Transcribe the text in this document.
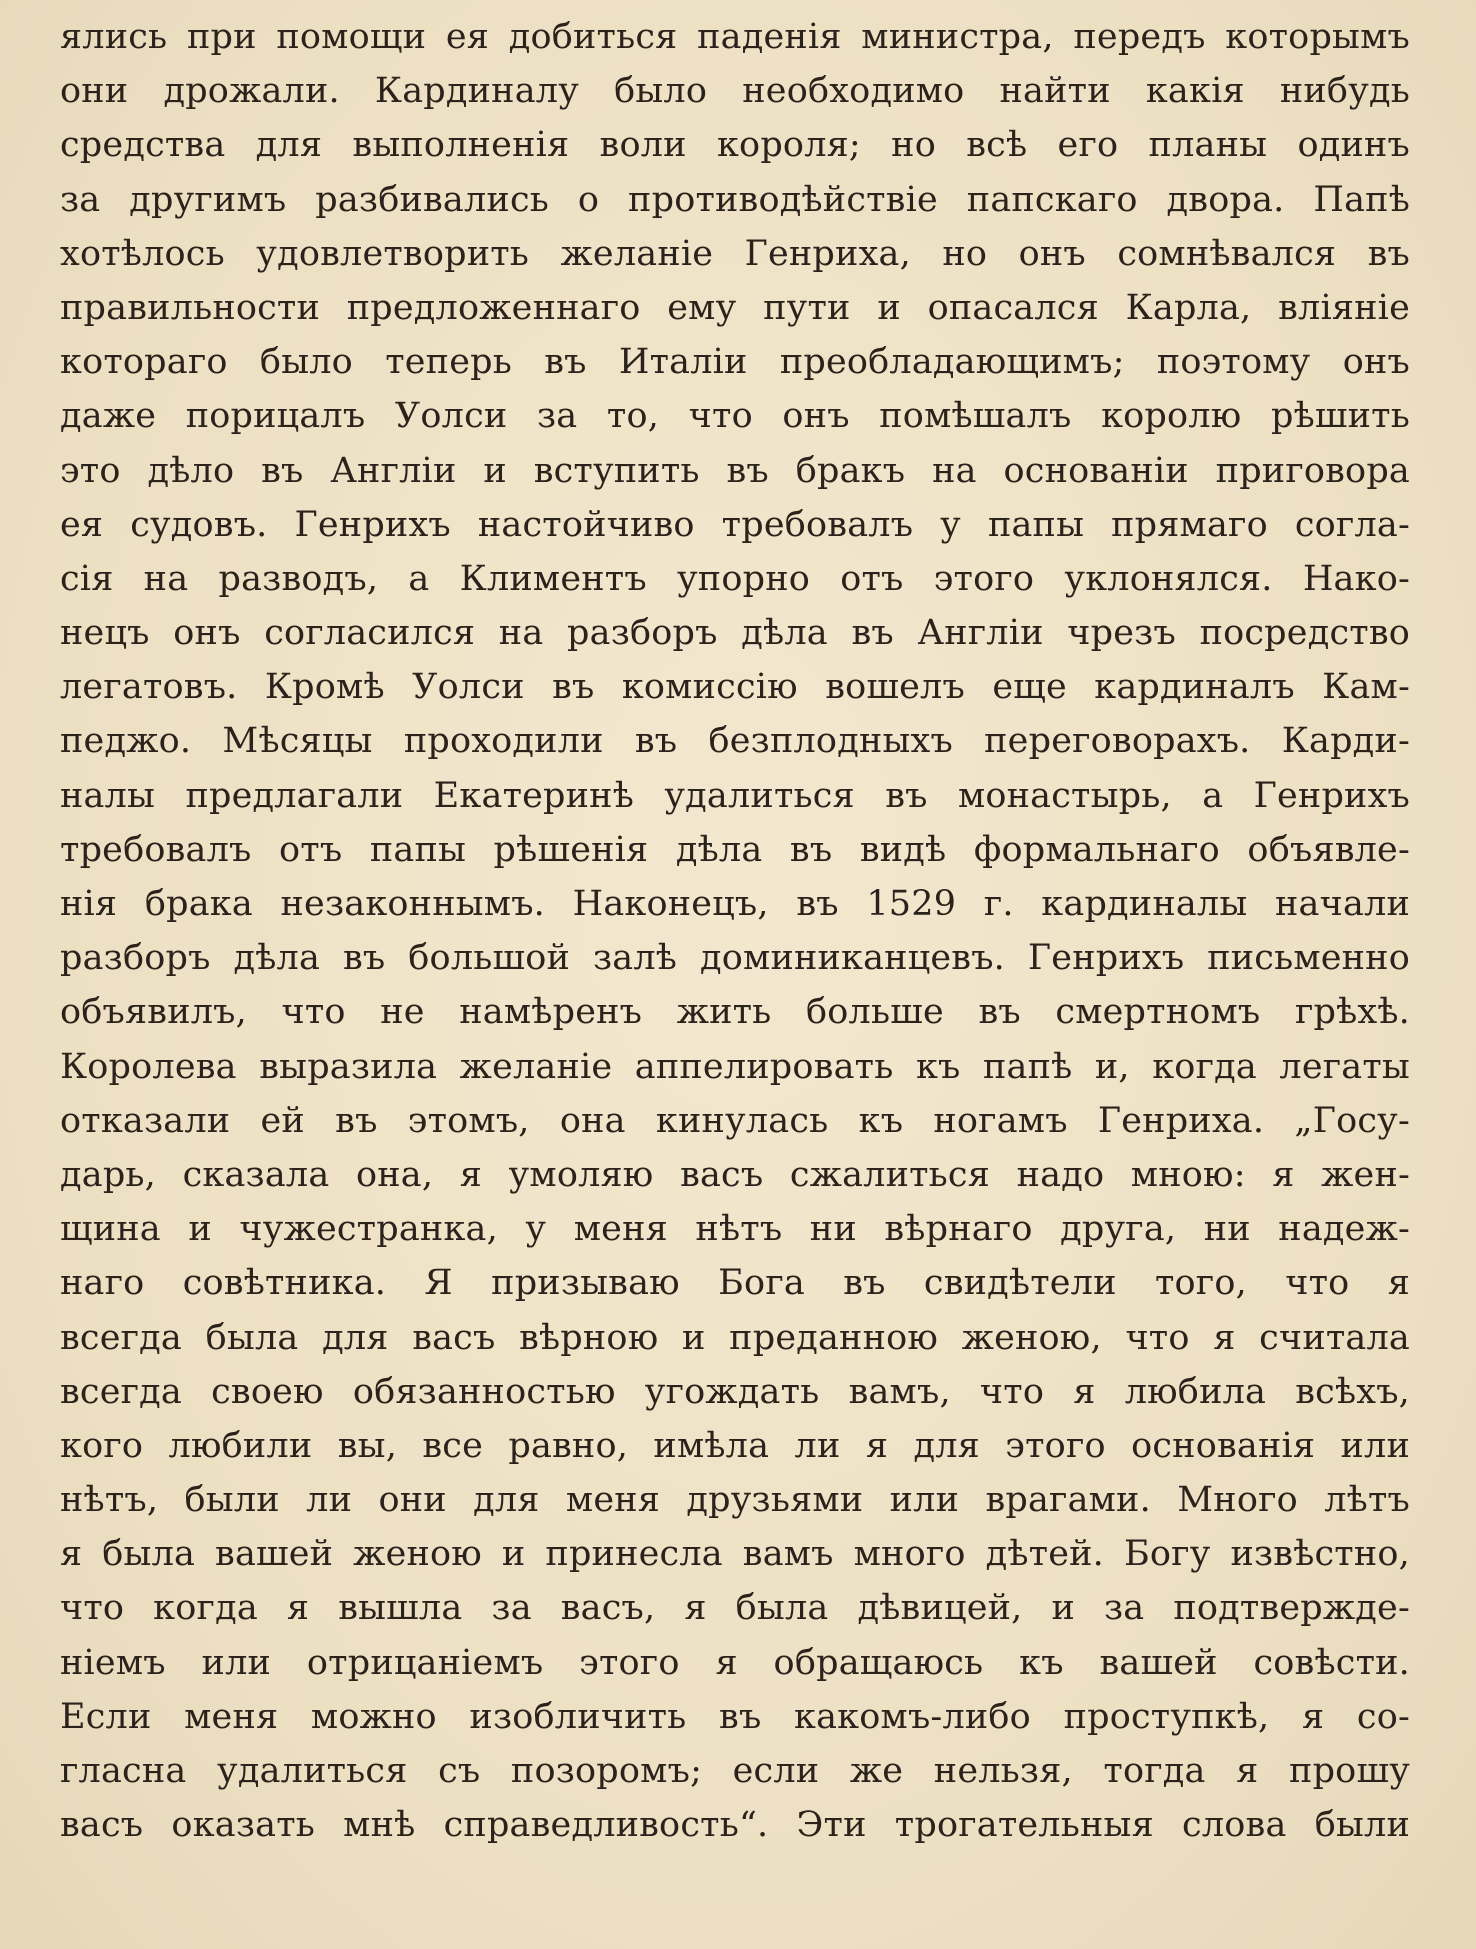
ялись при помощи ея добиться паденія министра, передъ которымъ
они дрожали. Кардиналу было необходимо найти какія нибудь
средства для выполненія воли короля; но всѣ его планы одинъ
за другимъ разбивались о противодѣйствіе папскаго двора. Папѣ
хотѣлось удовлетворить желаніе Генриха, но онъ сомнѣвался въ
правильности предложеннаго ему пути и опасался Карла, вліяніе
котораго было теперь въ Италіи преобладающимъ; поэтому онъ
даже порицалъ Уолси за то, что онъ помѣшалъ королю рѣшить
это дѣло въ Англіи и вступить въ бракъ на основаніи приговора
ея судовъ. Генрихъ настойчиво требовалъ у папы прямаго согла-
сія на разводъ, а Климентъ упорно отъ этого уклонялся. Нако-
нецъ онъ согласился на разборъ дѣла въ Англіи чрезъ посредство
легатовъ. Кромѣ Уолси въ комиссію вошелъ еще кардиналъ Кам-
педжо. Мѣсяцы проходили въ безплодныхъ переговорахъ. Карди-
налы предлагали Екатеринѣ удалиться въ монастырь, а Генрихъ
требовалъ отъ папы рѣшенія дѣла въ видѣ формальнаго объявле-
нія брака незаконнымъ. Наконецъ, въ 1529 г. кардиналы начали
разборъ дѣла въ большой залѣ доминиканцевъ. Генрихъ письменно
объявилъ, что не намѣренъ жить больше въ смертномъ грѣхѣ.
Королева выразила желаніе аппелировать къ папѣ и, когда легаты
отказали ей въ этомъ, она кинулась къ ногамъ Генриха. „Госу-
дарь, сказала она, я умоляю васъ сжалиться надо мною: я жен-
щина и чужестранка, у меня нѣтъ ни вѣрнаго друга, ни надеж-
наго совѣтника. Я призываю Бога въ свидѣтели того, что я
всегда была для васъ вѣрною и преданною женою, что я считала
всегда своею обязанностью угождать вамъ, что я любила всѣхъ,
кого любили вы, все равно, имѣла ли я для этого основанія или
нѣтъ, были ли они для меня друзьями или врагами. Много лѣтъ
я была вашей женою и принесла вамъ много дѣтей. Богу извѣстно,
что когда я вышла за васъ, я была дѣвицей, и за подтвержде-
ніемъ или отрицаніемъ этого я обращаюсь къ вашей совѣсти.
Если меня можно изобличить въ какомъ-либо проступкѣ, я со-
гласна удалиться съ позоромъ; если же нельзя, тогда я прошу
васъ оказать мнѣ справедливость“. Эти трогательныя слова были
